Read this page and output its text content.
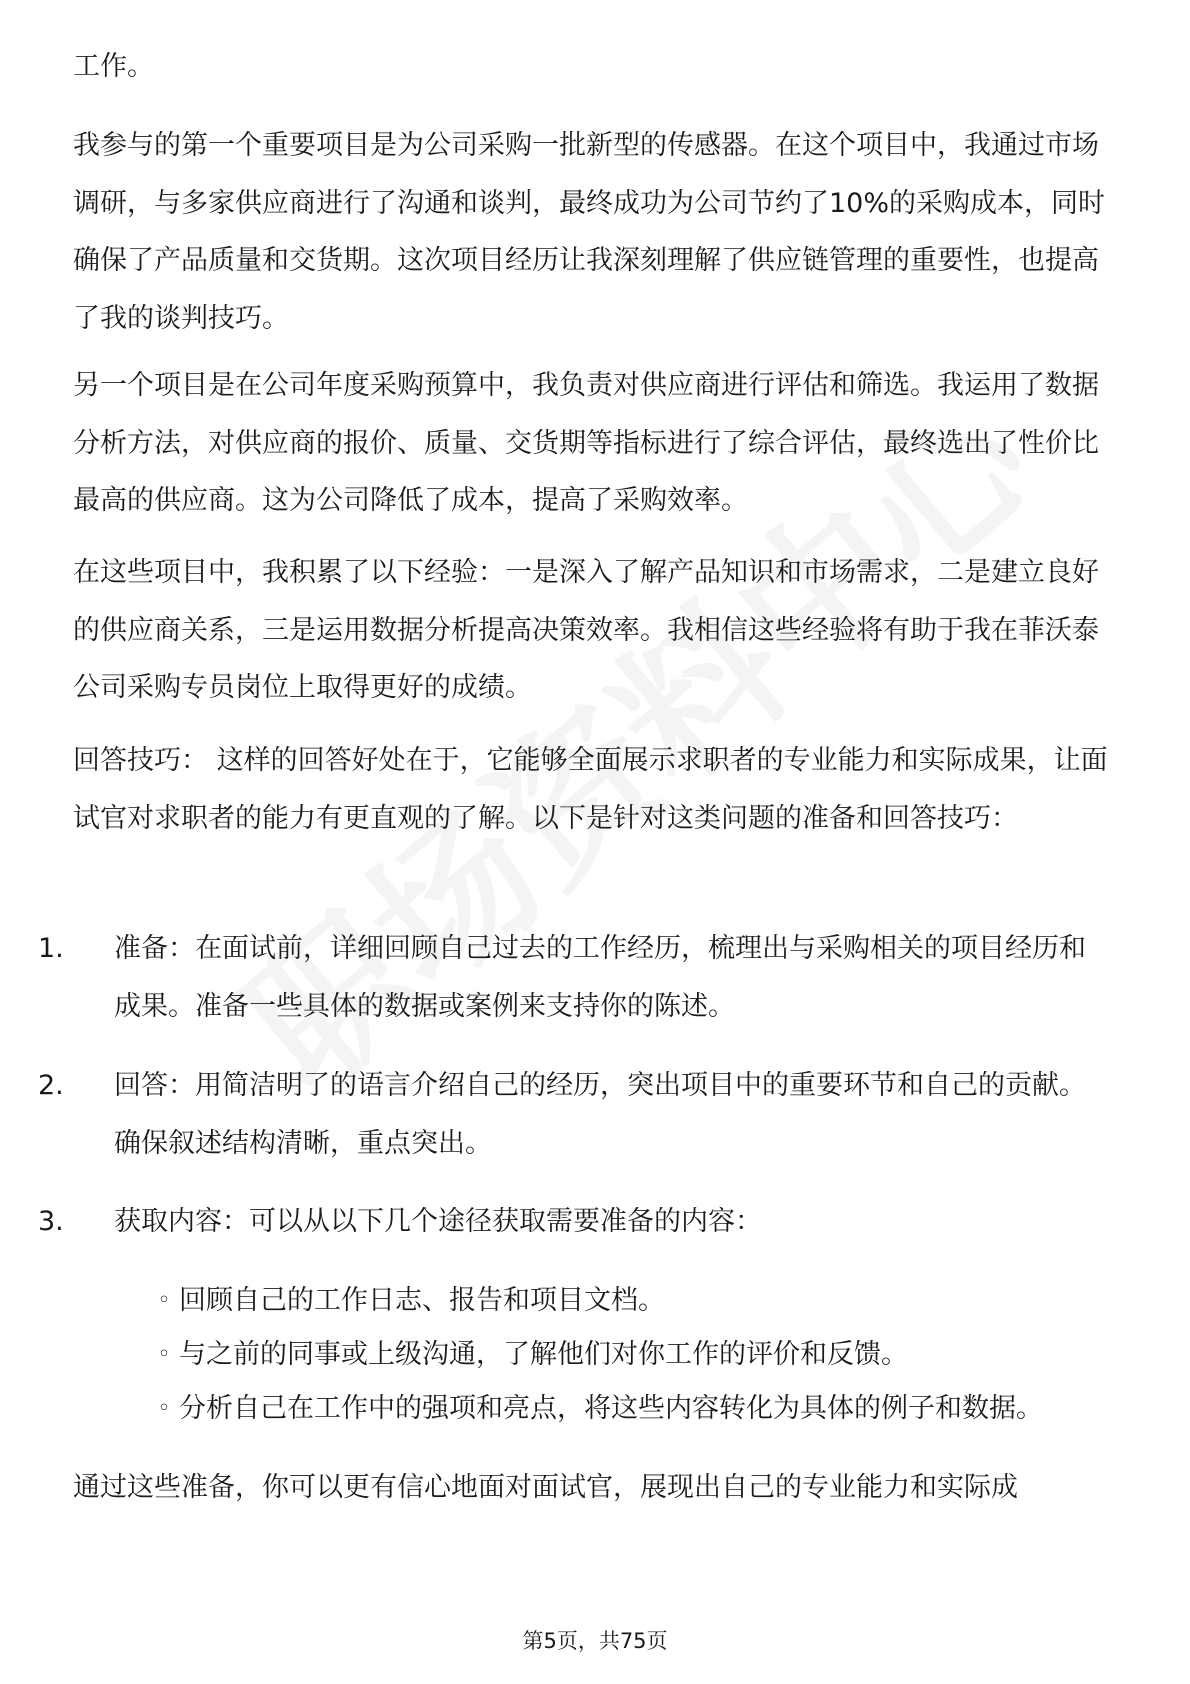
工作。

我参与的第一个重要项目是为公司采购一批新型的传感器。在这个项目中，我通过市场调研，与多家供应商进行了沟通和谈判，最终成功为公司节约了10%的采购成本，同时确保了产品质量和交货期。这次项目经历让我深刻理解了供应链管理的重要性，也提高了我的谈判技巧。

另一个项目是在公司年度采购预算中，我负责对供应商进行评估和筛选。我运用了数据分析方法，对供应商的报价、质量、交货期等指标进行了综合评估，最终选出了性价比最高的供应商。这为公司降低了成本，提高了采购效率。

在这些项目中，我积累了以下经验：一是深入了解产品知识和市场需求，二是建立良好的供应商关系，三是运用数据分析提高决策效率。我相信这些经验将有助于我在菲沃泰公司采购专员岗位上取得更好的成绩。

回答技巧： 这样的回答好处在于，它能够全面展示求职者的专业能力和实际成果，让面试官对求职者的能力有更直观的了解。以下是针对这类问题的准备和回答技巧：

1. 准备：在面试前，详细回顾自己过去的工作经历，梳理出与采购相关的项目经历和成果。准备一些具体的数据或案例来支持你的陈述。
2. 回答：用简洁明了的语言介绍自己的经历，突出项目中的重要环节和自己的贡献。确保叙述结构清晰，重点突出。
3. 获取内容：可以从以下几个途径获取需要准备的内容：
◦ 回顾自己的工作日志、报告和项目文档。
◦ 与之前的同事或上级沟通，了解他们对你工作的评价和反馈。
◦ 分析自己在工作中的强项和亮点，将这些内容转化为具体的例子和数据。

通过这些准备，你可以更有信心地面对面试官，展现出自己的专业能力和实际成

第5页，共75页
